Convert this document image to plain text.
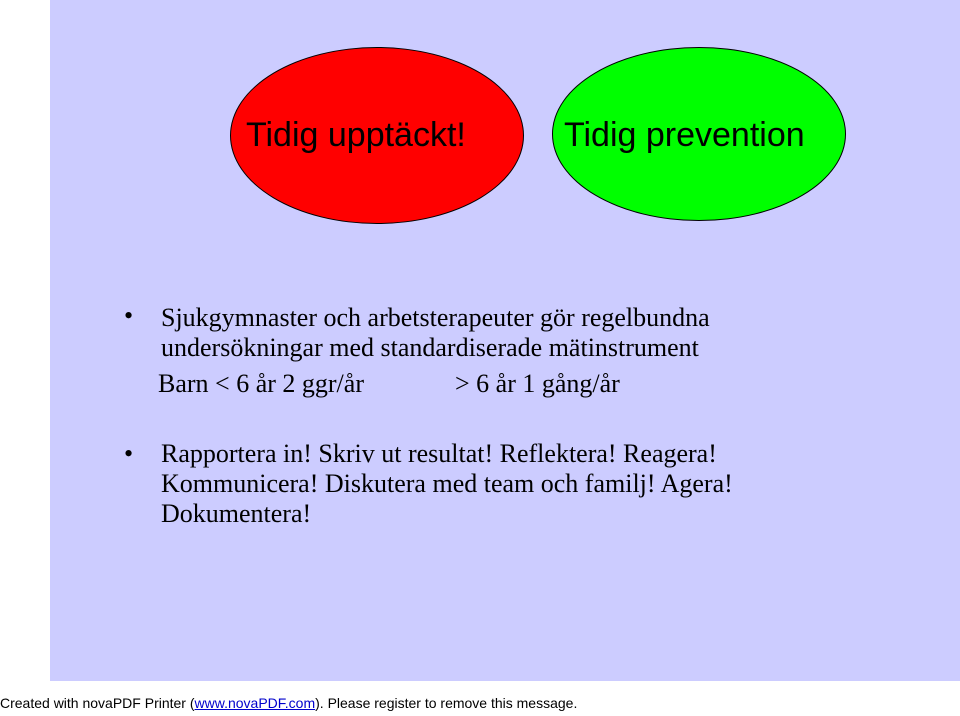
Tidig upptäckt!	Tidig prevention
• Sjukgymnaster och arbetsterapeuter gör regelbundna
undersökningar med standardiserade mätinstrument
Barn < 6 år 2 ggr/år	> 6 år 1 gång/år
• Rapportera in! Skriv ut resultat! Reflektera! Reagera!
Kommunicera! Diskutera med team och familj! Agera!
Dokumentera!
Created with novaPDF Printer (www.novaPDF.com). Please register to remove this message.
